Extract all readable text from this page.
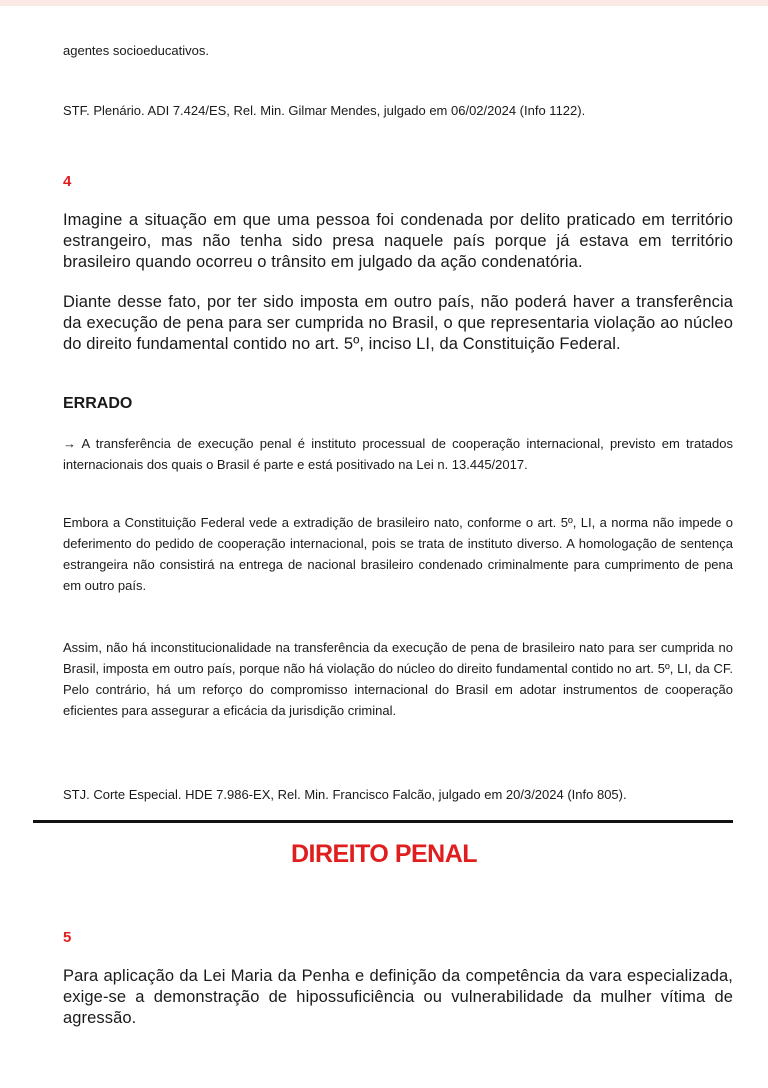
agentes socioeducativos.
STF. Plenário. ADI 7.424/ES, Rel. Min. Gilmar Mendes, julgado em 06/02/2024 (Info 1122).
4
Imagine a situação em que uma pessoa foi condenada por delito praticado em território estrangeiro, mas não tenha sido presa naquele país porque já estava em território brasileiro quando ocorreu o trânsito em julgado da ação condenatória.
Diante desse fato, por ter sido imposta em outro país, não poderá haver a transferência da execução de pena para ser cumprida no Brasil, o que representaria violação ao núcleo do direito fundamental contido no art. 5º, inciso LI, da Constituição Federal.
ERRADO
→ A transferência de execução penal é instituto processual de cooperação internacional, previsto em tratados internacionais dos quais o Brasil é parte e está positivado na Lei n. 13.445/2017.
Embora a Constituição Federal vede a extradição de brasileiro nato, conforme o art. 5º, LI, a norma não impede o deferimento do pedido de cooperação internacional, pois se trata de instituto diverso. A homologação de sentença estrangeira não consistirá na entrega de nacional brasileiro condenado criminalmente para cumprimento de pena em outro país.
Assim, não há inconstitucionalidade na transferência da execução de pena de brasileiro nato para ser cumprida no Brasil, imposta em outro país, porque não há violação do núcleo do direito fundamental contido no art. 5º, LI, da CF. Pelo contrário, há um reforço do compromisso internacional do Brasil em adotar instrumentos de cooperação eficientes para assegurar a eficácia da jurisdição criminal.
STJ. Corte Especial. HDE 7.986-EX, Rel. Min. Francisco Falcão, julgado em 20/3/2024 (Info 805).
DIREITO PENAL
5
Para aplicação da Lei Maria da Penha e definição da competência da vara especializada, exige-se a demonstração de hipossuficiência ou vulnerabilidade da mulher vítima de agressão.
